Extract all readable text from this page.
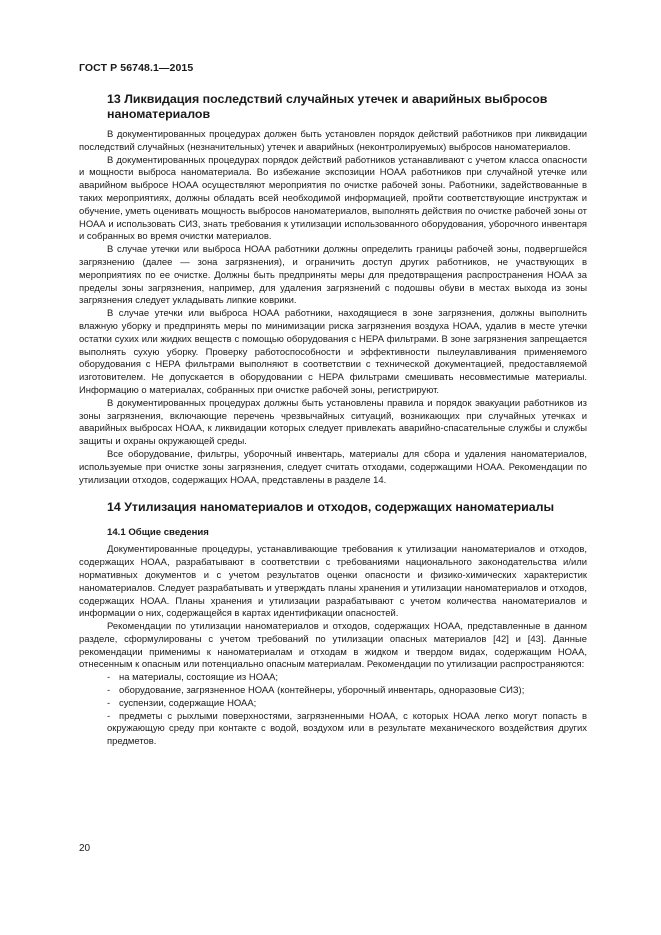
ГОСТ Р 56748.1—2015
13 Ликвидация последствий случайных утечек и аварийных выбросов наноматериалов

В документированных процедурах должен быть установлен порядок действий работников при ликвидации последствий случайных (незначительных) утечек и аварийных (неконтролируемых) выбросов наноматериалов.

В документированных процедурах порядок действий работников устанавливают с учетом класса опасности и мощности выброса наноматериала. Во избежание экспозиции НОАА работников при случайной утечке или аварийном выбросе НОАА осуществляют мероприятия по очистке рабочей зоны. Работники, задействованные в таких мероприятиях, должны обладать всей необходимой информацией, пройти соответствующие инструктаж и обучение, уметь оценивать мощность выбросов наноматериалов, выполнять действия по очистке рабочей зоны от НОАА и использовать СИЗ, знать требования к утилизации использованного оборудования, уборочного инвентаря и собранных во время очистки материалов.

В случае утечки или выброса НОАА работники должны определить границы рабочей зоны, подвергшейся загрязнению (далее — зона загрязнения), и ограничить доступ других работников, не участвующих в мероприятиях по ее очистке. Должны быть предприняты меры для предотвращения распространения НОАА за пределы зоны загрязнения, например, для удаления загрязнений с подошвы обуви в местах выхода из зоны загрязнения следует укладывать липкие коврики.

В случае утечки или выброса НОАА работники, находящиеся в зоне загрязнения, должны выполнить влажную уборку и предпринять меры по минимизации риска загрязнения воздуха НОАА, удалив в месте утечки остатки сухих или жидких веществ с помощью оборудования с НЕРА фильтрами. В зоне загрязнения запрещается выполнять сухую уборку. Проверку работоспособности и эффективности пылеулавливания применяемого оборудования с НЕРА фильтрами выполняют в соответствии с технической документацией, предоставляемой изготовителем. Не допускается в оборудовании с НЕРА фильтрами смешивать несовместимые материалы. Информацию о материалах, собранных при очистке рабочей зоны, регистрируют.

В документированных процедурах должны быть установлены правила и порядок эвакуации работников из зоны загрязнения, включающие перечень чрезвычайных ситуаций, возникающих при случайных утечках и аварийных выбросах НОАА, к ликвидации которых следует привлекать аварийно-спасательные службы и службы защиты и охраны окружающей среды.

Все оборудование, фильтры, уборочный инвентарь, материалы для сбора и удаления наноматериалов, используемые при очистке зоны загрязнения, следует считать отходами, содержащими НОАА. Рекомендации по утилизации отходов, содержащих НОАА, представлены в разделе 14.

14 Утилизация наноматериалов и отходов, содержащих наноматериалы
14.1 Общие сведения

Документированные процедуры, устанавливающие требования к утилизации наноматериалов и отходов, содержащих НОАА, разрабатывают в соответствии с требованиями национального законодательства и/или нормативных документов и с учетом результатов оценки опасности и физико-химических характеристик наноматериалов. Следует разрабатывать и утверждать планы хранения и утилизации наноматериалов и отходов, содержащих НОАА. Планы хранения и утилизации разрабатывают с учетом количества наноматериалов и информации о них, содержащейся в картах идентификации опасностей.

Рекомендации по утилизации наноматериалов и отходов, содержащих НОАА, представленные в данном разделе, сформулированы с учетом требований по утилизации опасных материалов [42] и [43]. Данные рекомендации применимы к наноматериалам и отходам в жидком и твердом видах, содержащим НОАА, отнесенным к опасным или потенциально опасным материалам. Рекомендации по утилизации распространяются:

- на материалы, состоящие из НОАА;
- оборудование, загрязненное НОАА (контейнеры, уборочный инвентарь, одноразовые СИЗ);
- суспензии, содержащие НОАА;
- предметы с рыхлыми поверхностями, загрязненными НОАА, с которых НОАА легко могут попасть в окружающую среду при контакте с водой, воздухом или в результате механического воздействия других предметов.
20
